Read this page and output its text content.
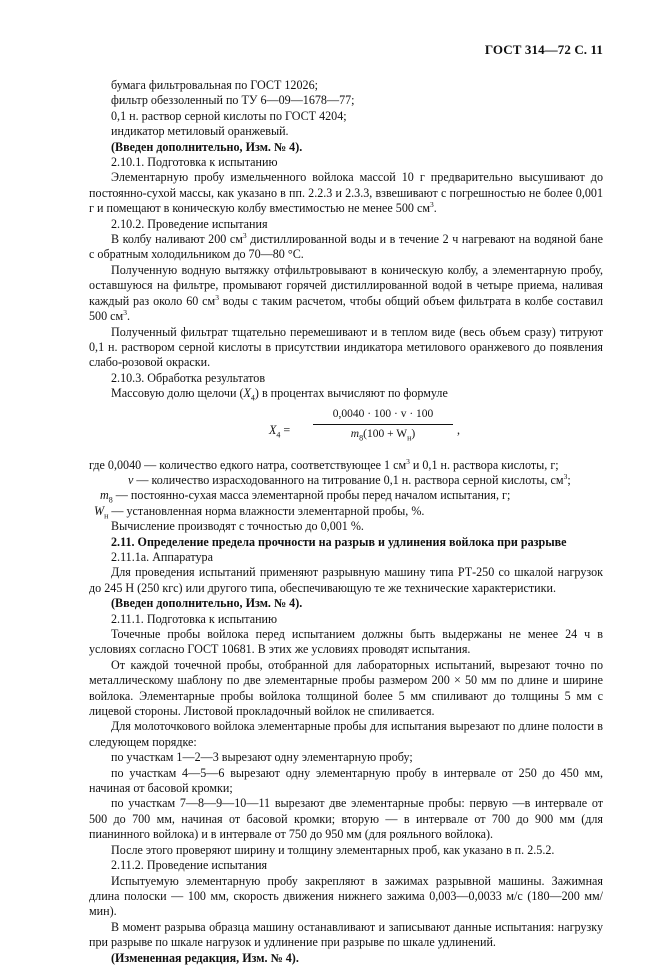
ГОСТ 314—72 С. 11

бумага фильтровальная по ГОСТ 12026;

фильтр обеззоленный по ТУ 6—09—1678—77;

0,1 н. раствор серной кислоты по ГОСТ 4204;

индикатор метиловый оранжевый.

(Введен дополнительно, Изм. № 4).

2.10.1. Подготовка к испытанию

Элементарную пробу измельченного войлока массой 10 г предварительно высушивают до постоянно-сухой массы, как указано в пп. 2.2.3 и 2.3.3, взвешивают с погрешностью не более 0,001 г и помещают в коническую колбу вместимостью не менее 500 $см^3$.

2.10.2. Проведение испытания

В колбу наливают 200 $см^3$ дистиллированной воды и в течение 2 ч нагревают на водяной бане с обратным холодильником до 70—80 °С.

Полученную водную вытяжку отфильтровывают в коническую колбу, а элементарную пробу, оставшуюся на фильтре, промывают горячей дистиллированной водой в четыре приема, наливая каждый раз около 60 $см^3$ воды с таким расчетом, чтобы общий объем фильтрата в колбе составил 500 $см^3$.

Полученный фильтрат тщательно перемешивают и в теплом виде (весь объем сразу) титруют 0,1 н. раствором серной кислоты в присутствии индикатора метилового оранжевого до появления слабо-розовой окраски.

2.10.3. Обработка результатов

Массовую долю щелочи $(X_4)$ в процентах вычисляют по формуле

$X_4$ =
0,0040 · 100 · v · 100
$m_8(100 + W_н)$	,

где 0,0040 — количество едкого натра, соответствующее 1 $см^3$ и 0,1 н. раствора кислоты, г;

v — количество израсходованного на титрование 0,1 н. раствора серной кислоты, $см^3$;

$m_8$ — постоянно-сухая масса элементарной пробы перед началом испытания, г;

$W_н$ — установленная норма влажности элементарной пробы, %.

Вычисление производят с точностью до 0,001 %.

2.11. Определение предела прочности на разрыв и удлинения войлока при разрыве

2.11.1а. Аппаратура

Для проведения испытаний применяют разрывную машину типа РТ-250 со шкалой нагрузок до 245 Н (250 кгс) или другого типа, обеспечивающую те же технические характеристики.

(Введен дополнительно, Изм. № 4).

2.11.1. Подготовка к испытанию

Точечные пробы войлока перед испытанием должны быть выдержаны не менее 24 ч в условиях согласно ГОСТ 10681. В этих же условиях проводят испытания.

От каждой точечной пробы, отобранной для лабораторных испытаний, вырезают точно по металлическому шаблону по две элементарные пробы размером 200 × 50 мм по длине и ширине войлока. Элементарные пробы войлока толщиной более 5 мм спиливают до толщины 5 мм с лицевой стороны. Листовой прокладочный войлок не спиливается.

Для молоточкового войлока элементарные пробы для испытания вырезают по длине полости в следующем порядке:

по участкам 1—2—3 вырезают одну элементарную пробу;

по участкам 4—5—6 вырезают одну элементарную пробу в интервале от 250 до 450 мм, начиная от басовой кромки;

по участкам 7—8—9—10—11 вырезают две элементарные пробы: первую —в интервале от 500 до 700 мм, начиная от басовой кромки; вторую — в интервале от 700 до 900 мм (для пианинного войлока) и в интервале от 750 до 950 мм (для рояльного войлока).

После этого проверяют ширину и толщину элементарных проб, как указано в п. 2.5.2.

2.11.2. Проведение испытания

Испытуемую элементарную пробу закрепляют в зажимах разрывной машины. Зажимная длина полоски — 100 мм, скорость движения нижнего зажима 0,003—0,0033 м/с (180—200 мм/мин).

В момент разрыва образца машину останавливают и записывают данные испытания: нагрузку при разрыве по шкале нагрузок и удлинение при разрыве по шкале удлинений.

(Измененная редакция, Изм. № 4).
